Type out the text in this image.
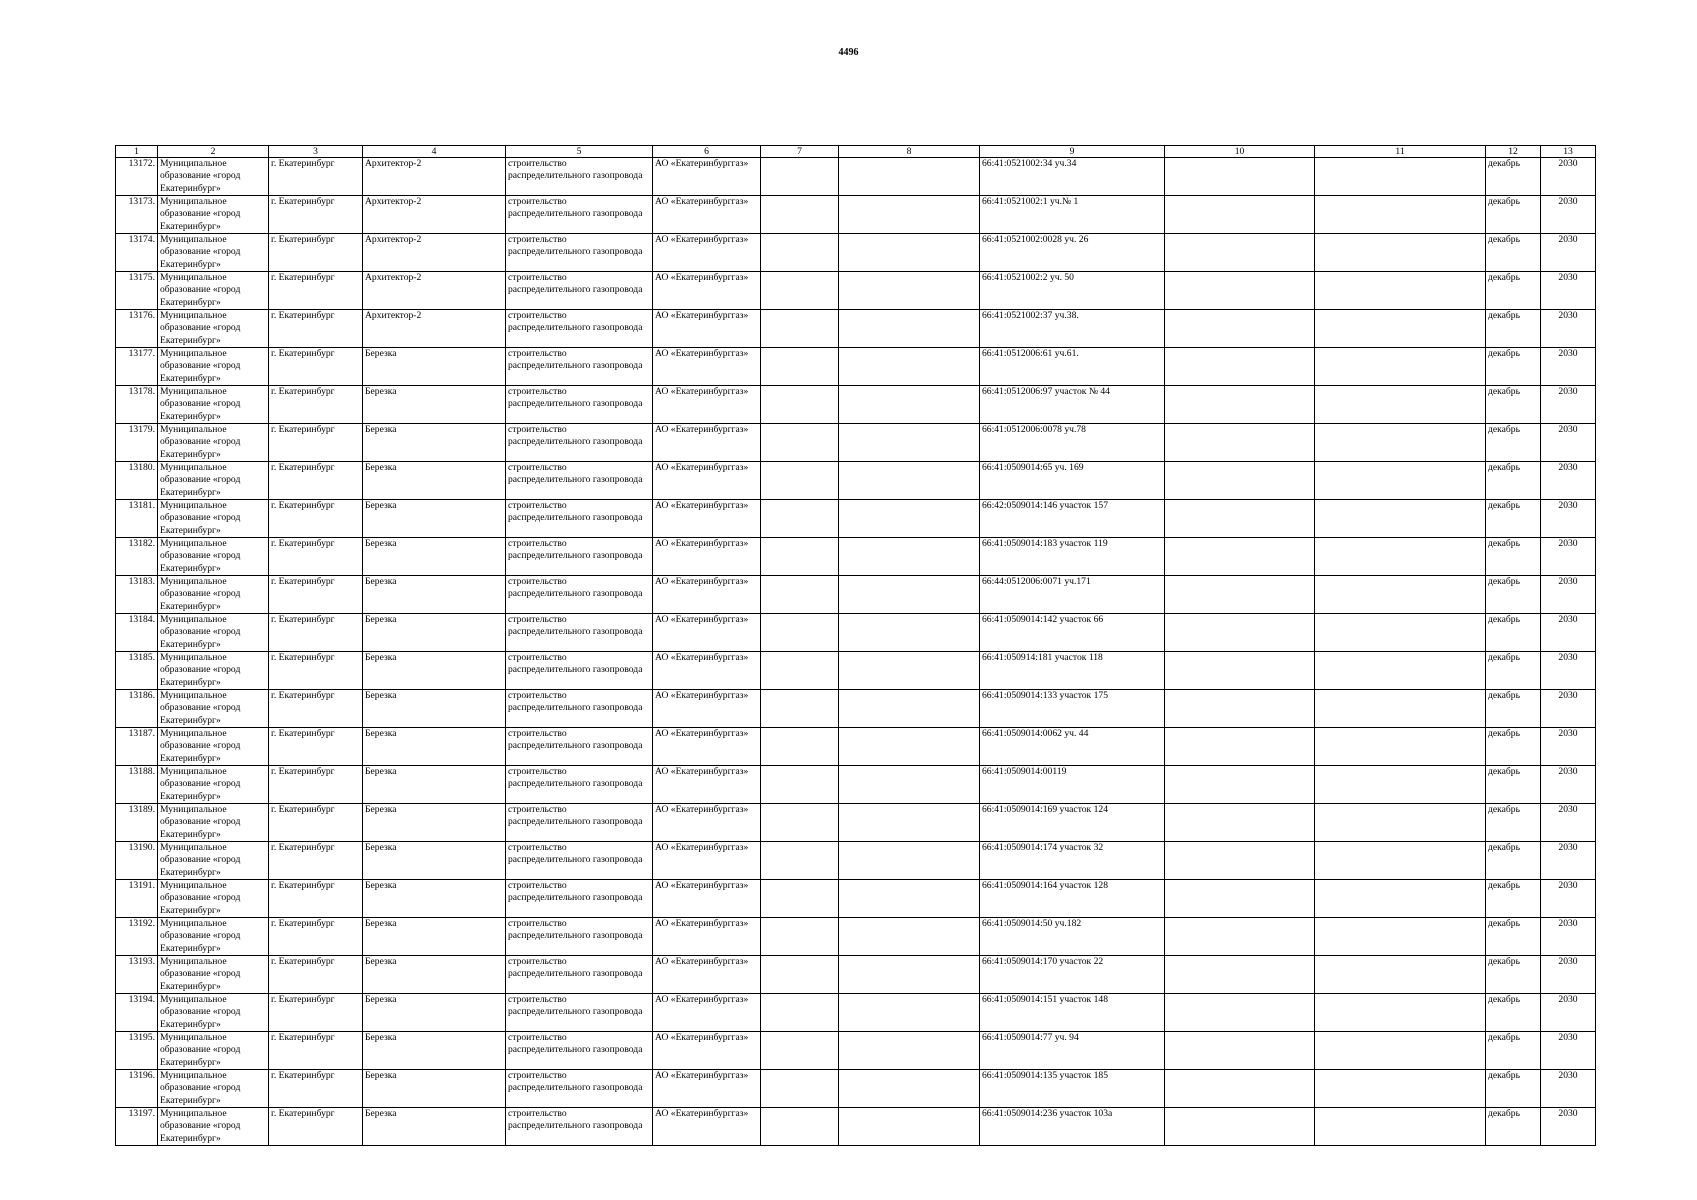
4496
1	2	3	4	5	6	7	8	9	10	11	12	13
13172.	Муниципальное образование «город Екатеринбург»	г. Екатеринбург	Архитектор-2	строительство распределительного газопровода	АО «Екатеринбурггаз»			66:41:0521002:34 уч.34			декабрь	2030
13173.	Муниципальное образование «город Екатеринбург»	г. Екатеринбург	Архитектор-2	строительство распределительного газопровода	АО «Екатеринбурггаз»			66:41:0521002:1 уч.№ 1			декабрь	2030
13174.	Муниципальное образование «город Екатеринбург»	г. Екатеринбург	Архитектор-2	строительство распределительного газопровода	АО «Екатеринбурггаз»			66:41:0521002:0028 уч. 26			декабрь	2030
13175.	Муниципальное образование «город Екатеринбург»	г. Екатеринбург	Архитектор-2	строительство распределительного газопровода	АО «Екатеринбурггаз»			66:41:0521002:2 уч. 50			декабрь	2030
13176.	Муниципальное образование «город Екатеринбург»	г. Екатеринбург	Архитектор-2	строительство распределительного газопровода	АО «Екатеринбурггаз»			66:41:0521002:37 уч.38.			декабрь	2030
13177.	Муниципальное образование «город Екатеринбург»	г. Екатеринбург	Березка	строительство распределительного газопровода	АО «Екатеринбурггаз»			66:41:0512006:61 уч.61.			декабрь	2030
13178.	Муниципальное образование «город Екатеринбург»	г. Екатеринбург	Березка	строительство распределительного газопровода	АО «Екатеринбурггаз»			66:41:0512006:97 участок № 44			декабрь	2030
13179.	Муниципальное образование «город Екатеринбург»	г. Екатеринбург	Березка	строительство распределительного газопровода	АО «Екатеринбурггаз»			66:41:0512006:0078 уч.78			декабрь	2030
13180.	Муниципальное образование «город Екатеринбург»	г. Екатеринбург	Березка	строительство распределительного газопровода	АО «Екатеринбурггаз»			66:41:0509014:65 уч. 169			декабрь	2030
13181.	Муниципальное образование «город Екатеринбург»	г. Екатеринбург	Березка	строительство распределительного газопровода	АО «Екатеринбурггаз»			66:42:0509014:146 участок 157			декабрь	2030
13182.	Муниципальное образование «город Екатеринбург»	г. Екатеринбург	Березка	строительство распределительного газопровода	АО «Екатеринбурггаз»			66:41:0509014:183 участок 119			декабрь	2030
13183.	Муниципальное образование «город Екатеринбург»	г. Екатеринбург	Березка	строительство распределительного газопровода	АО «Екатеринбурггаз»			66:44:0512006:0071 уч.171			декабрь	2030
13184.	Муниципальное образование «город Екатеринбург»	г. Екатеринбург	Березка	строительство распределительного газопровода	АО «Екатеринбурггаз»			66:41:0509014:142 участок 66			декабрь	2030
13185.	Муниципальное образование «город Екатеринбург»	г. Екатеринбург	Березка	строительство распределительного газопровода	АО «Екатеринбурггаз»			66:41:050914:181 участок 118			декабрь	2030
13186.	Муниципальное образование «город Екатеринбург»	г. Екатеринбург	Березка	строительство распределительного газопровода	АО «Екатеринбурггаз»			66:41:0509014:133 участок 175			декабрь	2030
13187.	Муниципальное образование «город Екатеринбург»	г. Екатеринбург	Березка	строительство распределительного газопровода	АО «Екатеринбурггаз»			66:41:0509014:0062 уч. 44			декабрь	2030
13188.	Муниципальное образование «город Екатеринбург»	г. Екатеринбург	Березка	строительство распределительного газопровода	АО «Екатеринбурггаз»			66:41:0509014:00119			декабрь	2030
13189.	Муниципальное образование «город Екатеринбург»	г. Екатеринбург	Березка	строительство распределительного газопровода	АО «Екатеринбурггаз»			66:41:0509014:169 участок 124			декабрь	2030
13190.	Муниципальное образование «город Екатеринбург»	г. Екатеринбург	Березка	строительство распределительного газопровода	АО «Екатеринбурггаз»			66:41:0509014:174 участок 32			декабрь	2030
13191.	Муниципальное образование «город Екатеринбург»	г. Екатеринбург	Березка	строительство распределительного газопровода	АО «Екатеринбурггаз»			66:41:0509014:164 участок 128			декабрь	2030
13192.	Муниципальное образование «город Екатеринбург»	г. Екатеринбург	Березка	строительство распределительного газопровода	АО «Екатеринбурггаз»			66:41:0509014:50 уч.182			декабрь	2030
13193.	Муниципальное образование «город Екатеринбург»	г. Екатеринбург	Березка	строительство распределительного газопровода	АО «Екатеринбурггаз»			66:41:0509014:170 участок 22			декабрь	2030
13194.	Муниципальное образование «город Екатеринбург»	г. Екатеринбург	Березка	строительство распределительного газопровода	АО «Екатеринбурггаз»			66:41:0509014:151 участок 148			декабрь	2030
13195.	Муниципальное образование «город Екатеринбург»	г. Екатеринбург	Березка	строительство распределительного газопровода	АО «Екатеринбурггаз»			66:41:0509014:77 уч. 94			декабрь	2030
13196.	Муниципальное образование «город Екатеринбург»	г. Екатеринбург	Березка	строительство распределительного газопровода	АО «Екатеринбурггаз»			66:41:0509014:135 участок 185			декабрь	2030
13197.	Муниципальное образование «город Екатеринбург»	г. Екатеринбург	Березка	строительство распределительного газопровода	АО «Екатеринбурггаз»			66:41:0509014:236 участок 103а			декабрь	2030
